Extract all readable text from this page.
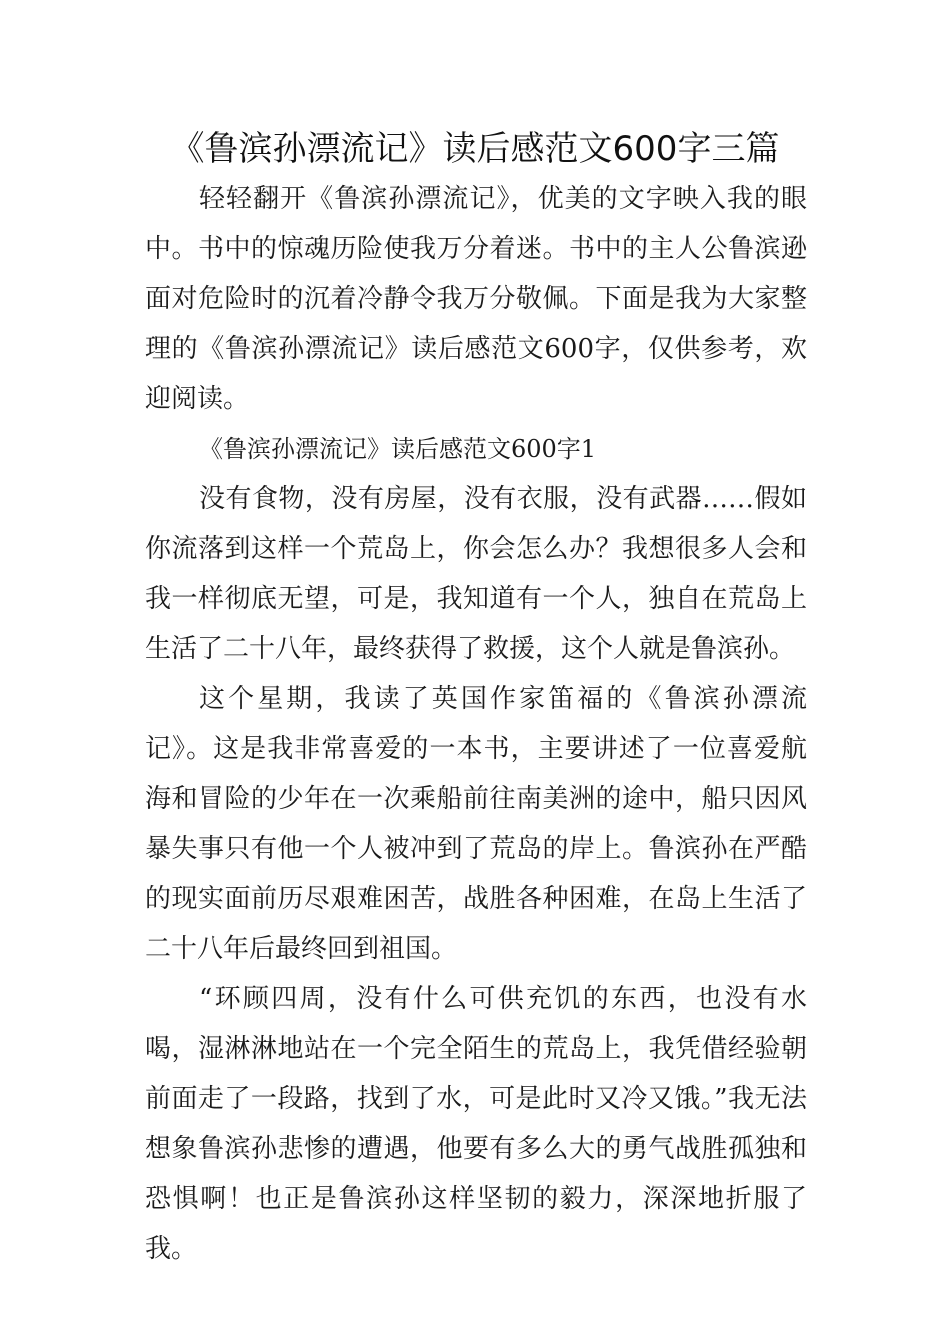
《鲁滨孙漂流记》读后感范文600字三篇

轻轻翻开《鲁滨孙漂流记》，优美的文字映入我的眼中。书中的惊魂历险使我万分着迷。书中的主人公鲁滨逊面对危险时的沉着冷静令我万分敬佩。下面是我为大家整理的《鲁滨孙漂流记》读后感范文600字，仅供参考，欢迎阅读。

《鲁滨孙漂流记》读后感范文600字1

没有食物，没有房屋，没有衣服，没有武器……假如你流落到这样一个荒岛上，你会怎么办？我想很多人会和我一样彻底无望，可是，我知道有一个人，独自在荒岛上生活了二十八年，最终获得了救援，这个人就是鲁滨孙。

这个星期，我读了英国作家笛福的《鲁滨孙漂流记》。这是我非常喜爱的一本书，主要讲述了一位喜爱航海和冒险的少年在一次乘船前往南美洲的途中，船只因风暴失事只有他一个人被冲到了荒岛的岸上。鲁滨孙在严酷的现实面前历尽艰难困苦，战胜各种困难，在岛上生活了二十八年后最终回到祖国。

“环顾四周，没有什么可供充饥的东西，也没有水喝，湿淋淋地站在一个完全陌生的荒岛上，我凭借经验朝前面走了一段路，找到了水，可是此时又冷又饿。”我无法想象鲁滨孙悲惨的遭遇，他要有多么大的勇气战胜孤独和恐惧啊！也正是鲁滨孙这样坚韧的毅力，深深地折服了我。
